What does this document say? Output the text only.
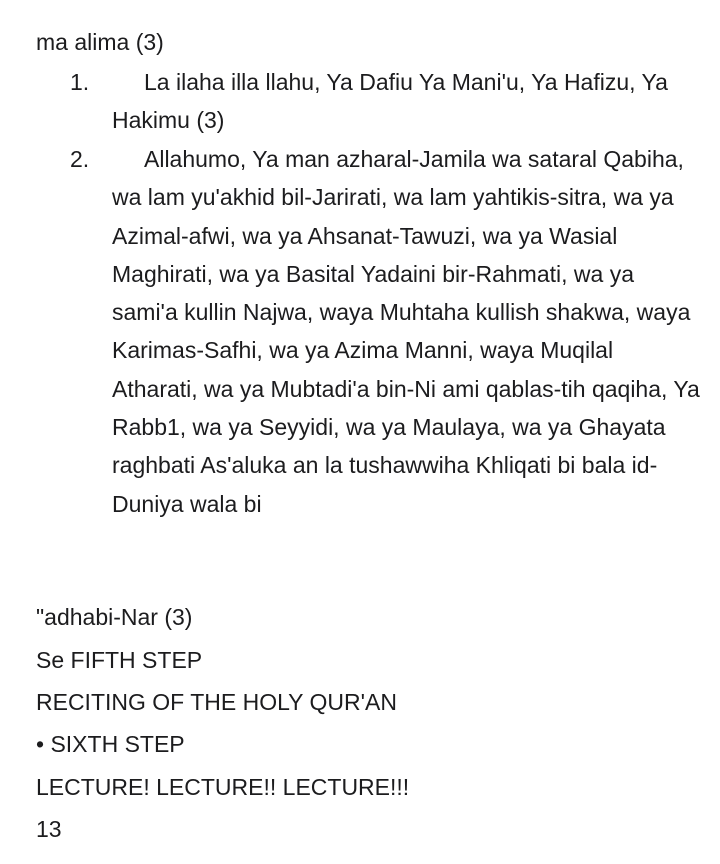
ma alima (3)
1.	La ilaha illa llahu, Ya Dafiu Ya Mani'u, Ya Hafizu, Ya Hakimu (3)
2.	Allahumo, Ya man azharal-Jamila wa sataral Qabiha, wa lam yu'akhid bil-Jarirati, wa lam yahtikis-sitra, wa ya Azimal-afwi, wa ya Ahsanat-Tawuzi, wa ya Wasial Maghirati, wa ya Basital Yadaini bir-Rahmati, wa ya sami'a kullin Najwa, waya Muhtaha kullish shakwa, waya Karimas-Safhi, wa ya Azima Manni, waya Muqilal Atharati, wa ya Mubtadi'a bin-Ni ami qablas-tih qaqiha, Ya Rabb1, wa ya Seyyidi, wa ya Maulaya, wa ya Ghayata raghbati As'aluka an la tushawwiha Khliqati bi bala id-Duniya wala bi
"adhabi-Nar (3)
Se FIFTH STEP
RECITING OF THE HOLY QUR'AN
• SIXTH STEP
LECTURE! LECTURE!! LECTURE!!!
13
